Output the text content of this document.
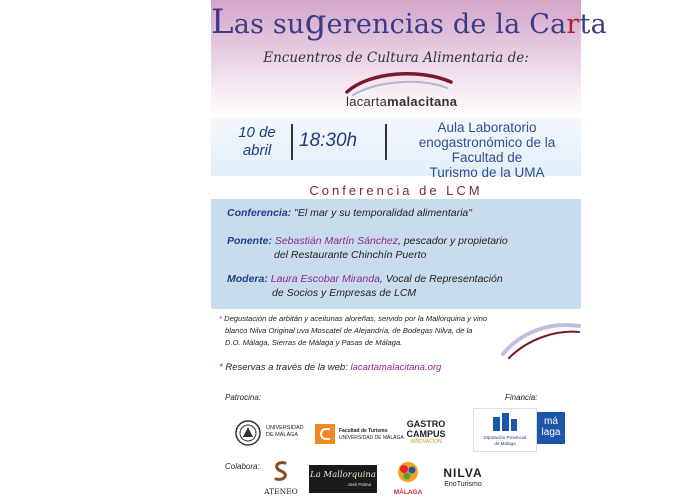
Las sugerencias de la Carta
Encuentros de Cultura Alimentaria de:
lacartamalacitana
10 de
abril	18:30h
Aula Laboratorio
enogastronómico de la
Facultad de
Turismo de la UMA
Conferencia de LCM
Conferencia: "El mar y su temporalidad alimentaria"
Ponente: Sebastián Martín Sánchez, pescador y propietario
del Restaurante Chinchín Puerto
Modera: Laura Escobar Miranda, Vocal de Representación
de Socios y Empresas de LCM
* Degustación de arbitán y aceitunas aloreñas, servido por la Mallorquina y vino
blanco Nilva Original uva Moscatel de Alejandría, de Bodegas Nilva, de la
D.O. Málaga, Sierras de Málaga y Pasas de Málaga.
* Reservas a través de la web: lacartamalacitana.org
Patrocina:	Financia:
UNIVERSIDAD
DE MÁLAGA
Facultad de Turismo
UNIVERSIDAD DE MÁLAGA
GASTRO
CAMPUS
INNOVACIÓN
Diputación Provincial
de Málaga
má
laga
Colabora:
ATENEO
La Mallorquina
José Palma
MÁLAGA
NILVA
EnoTurismo
